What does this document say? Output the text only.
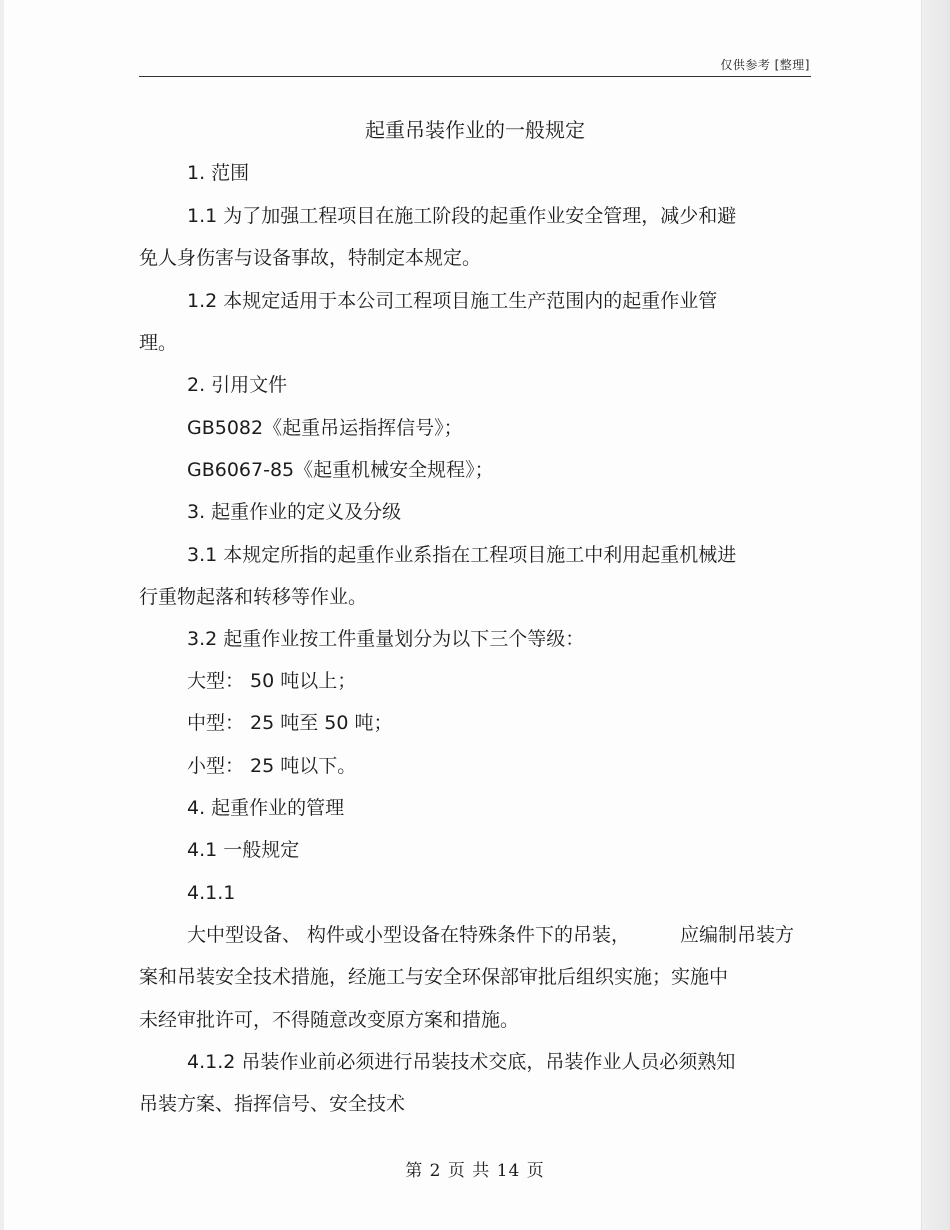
仅供参考 [整理]
起重吊装作业的一般规定
1. 范围
1.1 为了加强工程项目在施工阶段的起重作业安全管理，减少和避
免人身伤害与设备事故，特制定本规定。
1.2 本规定适用于本公司工程项目施工生产范围内的起重作业管
理。
2. 引用文件
GB5082《起重吊运指挥信号》；
GB6067-85《起重机械安全规程》；
3. 起重作业的定义及分级
3.1 本规定所指的起重作业系指在工程项目施工中利用起重机械进
行重物起落和转移等作业。
3.2 起重作业按工件重量划分为以下三个等级：
大型： 50 吨以上；
中型： 25 吨至 50 吨；
小型： 25 吨以下。
4. 起重作业的管理
4.1 一般规定
4.1.1
大中型设备、 构件或小型设备在特殊条件下的吊装，	应编制吊装方
案和吊装安全技术措施，经施工与安全环保部审批后组织实施；实施中
未经审批许可，不得随意改变原方案和措施。
4.1.2 吊装作业前必须进行吊装技术交底，吊装作业人员必须熟知
吊装方案、指挥信号、安全技术
第 2 页 共 14 页
